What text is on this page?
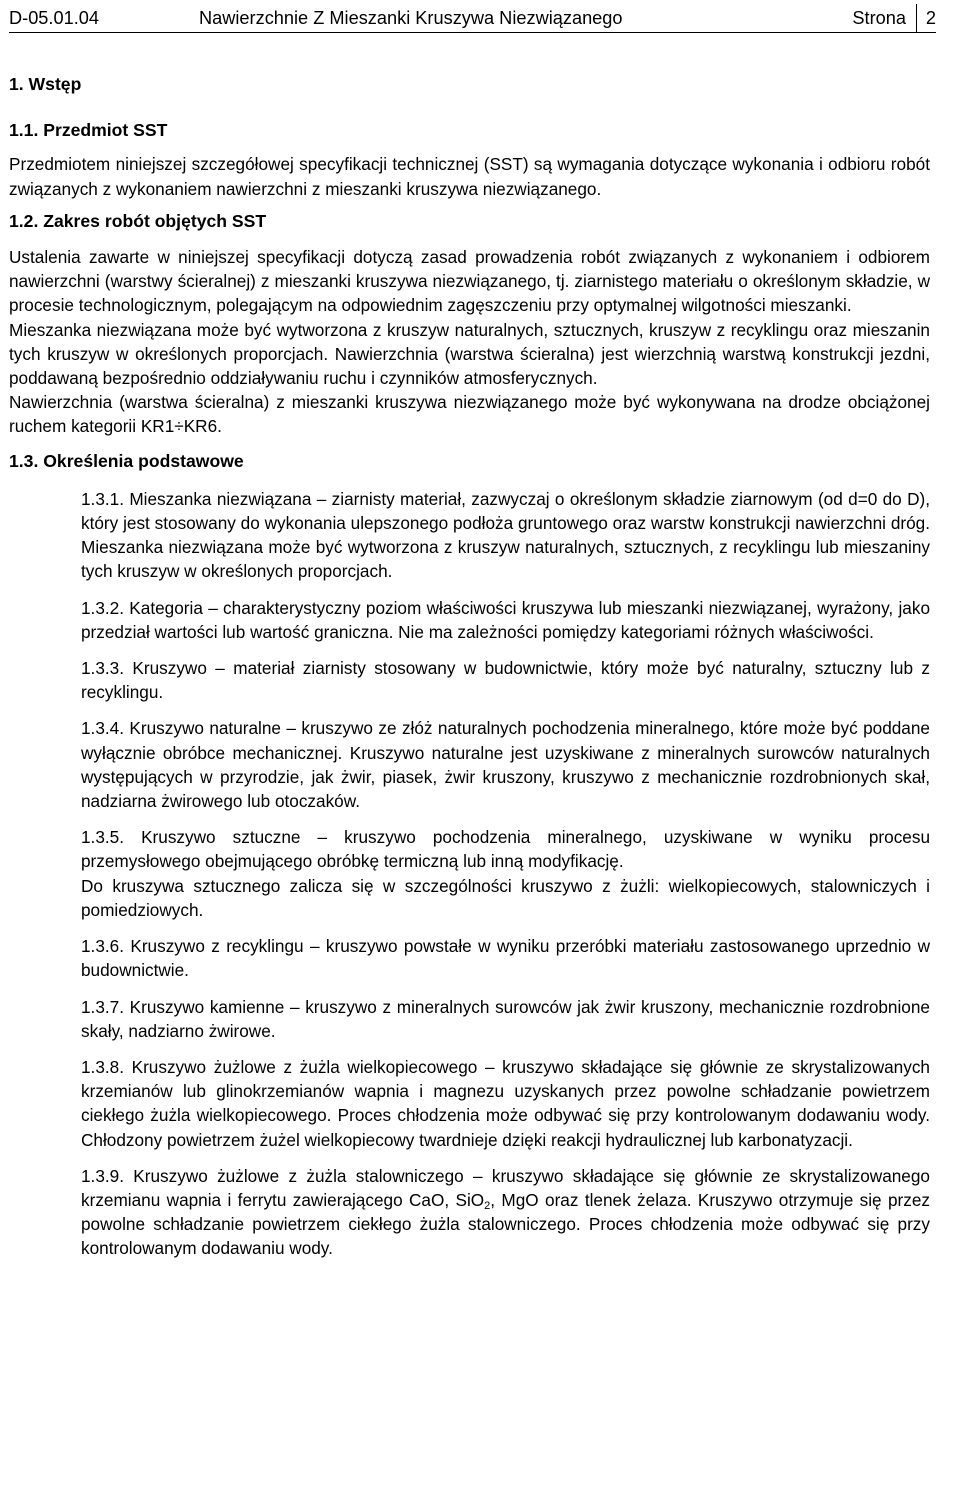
D-05.01.04	Nawierzchnie Z Mieszanki Kruszywa Niezwiązanego	Strona 2
1. Wstęp
1.1. Przedmiot SST

Przedmiotem niniejszej szczegółowej specyfikacji technicznej (SST) są wymagania dotyczące wykonania i odbioru robót związanych z wykonaniem nawierzchni z mieszanki kruszywa niezwiązanego.

1.2. Zakres robót objętych SST

Ustalenia zawarte w niniejszej specyfikacji dotyczą zasad prowadzenia robót związanych z wykonaniem i odbiorem nawierzchni (warstwy ścieralnej) z mieszanki kruszywa niezwiązanego, tj. ziarnistego materiału o określonym składzie, w procesie technologicznym, polegającym na odpowiednim zagęszczeniu przy optymalnej wilgotności mieszanki.

Mieszanka niezwiązana może być wytworzona z kruszyw naturalnych, sztucznych, kruszyw z recyklingu oraz mieszanin tych kruszyw w określonych proporcjach. Nawierzchnia (warstwa ścieralna) jest wierzchnią warstwą konstrukcji jezdni, poddawaną bezpośrednio oddziaływaniu ruchu i czynników atmosferycznych.

Nawierzchnia (warstwa ścieralna) z mieszanki kruszywa niezwiązanego może być wykonywana na drodze obciążonej ruchem kategorii KR1÷KR6.

1.3. Określenia podstawowe

1.3.1. Mieszanka niezwiązana – ziarnisty materiał, zazwyczaj o określonym składzie ziarnowym (od d=0 do D), który jest stosowany do wykonania ulepszonego podłoża gruntowego oraz warstw konstrukcji nawierzchni dróg. Mieszanka niezwiązana może być wytworzona z kruszyw naturalnych, sztucznych, z recyklingu lub mieszaniny tych kruszyw w określonych proporcjach.

1.3.2. Kategoria – charakterystyczny poziom właściwości kruszywa lub mieszanki niezwiązanej, wyrażony, jako przedział wartości lub wartość graniczna. Nie ma zależności pomiędzy kategoriami różnych właściwości.

1.3.3. Kruszywo – materiał ziarnisty stosowany w budownictwie, który może być naturalny, sztuczny lub z recyklingu.

1.3.4. Kruszywo naturalne – kruszywo ze złóż naturalnych pochodzenia mineralnego, które może być poddane wyłącznie obróbce mechanicznej. Kruszywo naturalne jest uzyskiwane z mineralnych surowców naturalnych występujących w przyrodzie, jak żwir, piasek, żwir kruszony, kruszywo z mechanicznie rozdrobnionych skał, nadziarna żwirowego lub otoczaków.

1.3.5. Kruszywo sztuczne – kruszywo pochodzenia mineralnego, uzyskiwane w wyniku procesu przemysłowego obejmującego obróbkę termiczną lub inną modyfikację.

Do kruszywa sztucznego zalicza się w szczególności kruszywo z żużli: wielkopiecowych, stalowniczych i pomiedziowych.

1.3.6. Kruszywo z recyklingu – kruszywo powstałe w wyniku przeróbki materiału zastosowanego uprzednio w budownictwie.

1.3.7. Kruszywo kamienne – kruszywo z mineralnych surowców jak żwir kruszony, mechanicznie rozdrobnione skały, nadziarno żwirowe.

1.3.8. Kruszywo żużlowe z żużla wielkopiecowego – kruszywo składające się głównie ze skrystalizowanych krzemianów lub glinokrzemianów wapnia i magnezu uzyskanych przez powolne schładzanie powietrzem ciekłego żużla wielkopiecowego. Proces chłodzenia może odbywać się przy kontrolowanym dodawaniu wody. Chłodzony powietrzem żużel wielkopiecowy twardnieje dzięki reakcji hydraulicznej lub karbonatyzacji.

1.3.9. Kruszywo żużlowe z żużla stalowniczego – kruszywo składające się głównie ze skrystalizowanego krzemianu wapnia i ferrytu zawierającego CaO, SiO$_2$, MgO oraz tlenek żelaza. Kruszywo otrzymuje się przez powolne schładzanie powietrzem ciekłego żużla stalowniczego. Proces chłodzenia może odbywać się przy kontrolowanym dodawaniu wody.
